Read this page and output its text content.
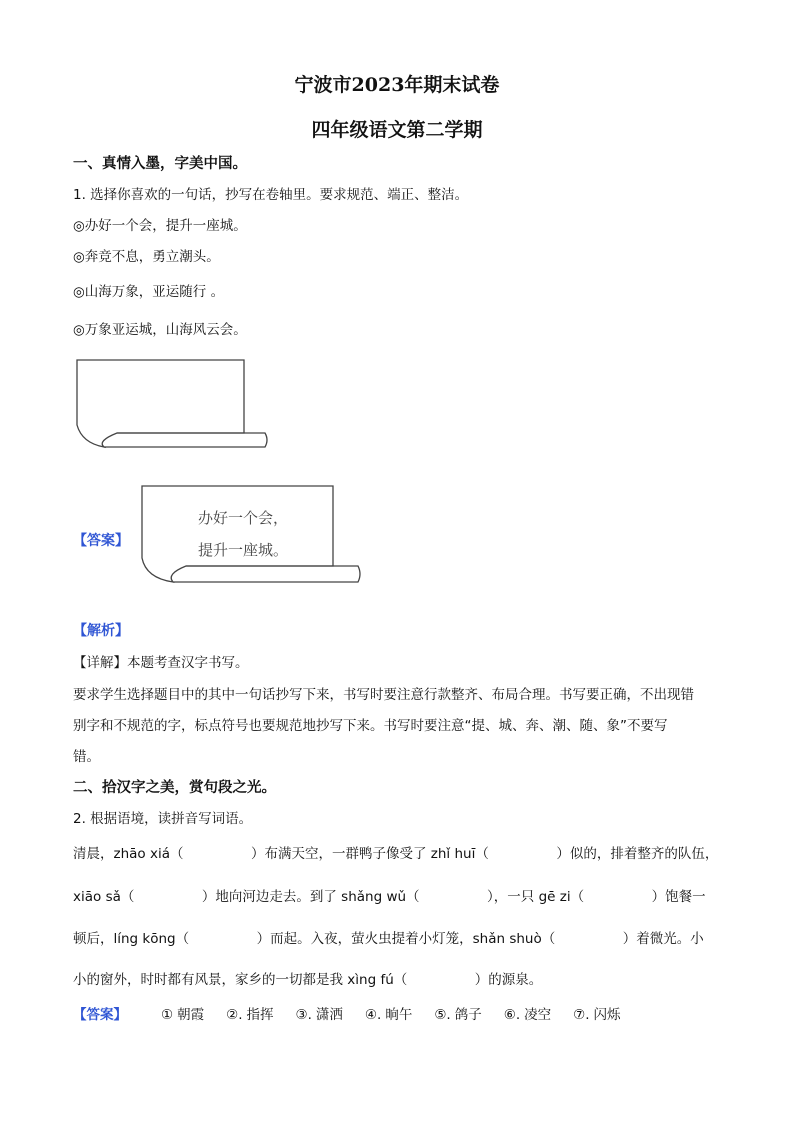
宁波市2023年期末试卷
四年级语文第二学期
一、真情入墨，字美中国。
1. 选择你喜欢的一句话，抄写在卷轴里。要求规范、端正、整洁。
◎办好一个会，提升一座城。
◎奔竞不息，勇立潮头。
◎山海万象，亚运随行 。
◎万象亚运城，山海风云会。
【答案】
办好一个会，
提升一座城。
【解析】
【详解】本题考查汉字书写。
要求学生选择题目中的其中一句话抄写下来，书写时要注意行款整齐、布局合理。书写要正确，不出现错
别字和不规范的字，标点符号也要规范地抄写下来。书写时要注意“提、城、奔、潮、随、象”不要写
错。
二、拾汉字之美，赏句段之光。
2. 根据语境，读拼音写词语。
清晨，zhāo xiá（　　　　　）布满天空，一群鸭子像受了 zhǐ huī（　　　　　）似的，排着整齐的队伍，
xiāo sǎ（　　　　　）地向河边走去。到了 shǎng wǔ（　　　　　），一只 gē zi（　　　　　）饱餐一
顿后，líng kōng（　　　　　）而起。入夜，萤火虫提着小灯笼，shǎn shuò（　　　　　）着微光。小
小的窗外，时时都有风景，家乡的一切都是我 xìng fú（　　　　　）的源泉。
【答案】	① 朝霞 ②. 指挥 ③. 潇洒 ④. 晌午 ⑤. 鸽子 ⑥. 凌空 ⑦. 闪烁
